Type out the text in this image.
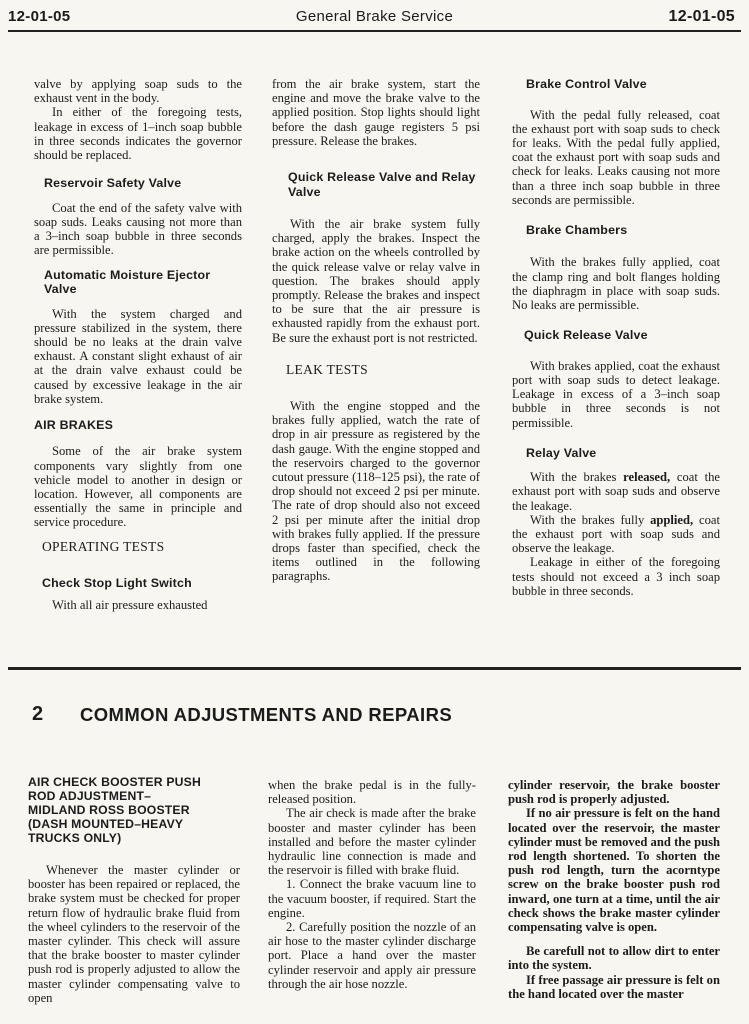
12-01-05	General Brake Service	12-01-05

valve by applying soap suds to the exhaust vent in the body.

In either of the foregoing tests, leakage in excess of 1–inch soap bubble in three seconds indicates the governor should be replaced.

Reservoir Safety Valve

Coat the end of the safety valve with soap suds. Leaks causing not more than a 3–inch soap bubble in three seconds are permissible.

Automatic Moisture Ejector Valve

With the system charged and pressure stabilized in the system, there should be no leaks at the drain valve exhaust. A constant slight exhaust of air at the drain valve exhaust could be caused by excessive leakage in the air brake system.

AIR BRAKES

Some of the air brake system components vary slightly from one vehicle model to another in design or location. However, all components are essentially the same in principle and service procedure.

OPERATING TESTS

Check Stop Light Switch

With all air pressure exhausted

from the air brake system, start the engine and move the brake valve to the applied position. Stop lights should light before the dash gauge registers 5 psi pressure. Release the brakes.

Quick Release Valve and Relay Valve

With the air brake system fully charged, apply the brakes. Inspect the brake action on the wheels controlled by the quick release valve or relay valve in question. The brakes should apply promptly. Release the brakes and inspect to be sure that the air pressure is exhausted rapidly from the exhaust port. Be sure the exhaust port is not restricted.

LEAK TESTS

With the engine stopped and the brakes fully applied, watch the rate of drop in air pressure as registered by the dash gauge. With the engine stopped and the reservoirs charged to the governor cutout pressure (118–125 psi), the rate of drop should not exceed 2 psi per minute. The rate of drop should also not exceed 2 psi per minute after the initial drop with brakes fully applied. If the pressure drops faster than specified, check the items outlined in the following paragraphs.

Brake Control Valve

With the pedal fully released, coat the exhaust port with soap suds to check for leaks. With the pedal fully applied, coat the exhaust port with soap suds and check for leaks. Leaks causing not more than a three inch soap bubble in three seconds are permissible.

Brake Chambers

With the brakes fully applied, coat the clamp ring and bolt flanges holding the diaphragm in place with soap suds. No leaks are permissible.

Quick Release Valve

With brakes applied, coat the exhaust port with soap suds to detect leakage. Leakage in excess of a 3–inch soap bubble in three seconds is not permissible.

Relay Valve

With the brakes released, coat the exhaust port with soap suds and observe the leakage.

With the brakes fully applied, coat the exhaust port with soap suds and observe the leakage.

Leakage in either of the foregoing tests should not exceed a 3 inch soap bubble in three seconds.

2 COMMON ADJUSTMENTS AND REPAIRS

AIR CHECK BOOSTER PUSH ROD ADJUSTMENT– MIDLAND ROSS BOOSTER (DASH MOUNTED–HEAVY TRUCKS ONLY)

Whenever the master cylinder or booster has been repaired or replaced, the brake system must be checked for proper return flow of hydraulic brake fluid from the wheel cylinders to the reservoir of the master cylinder. This check will assure that the brake booster to master cylinder push rod is properly adjusted to allow the master cylinder compensating valve to open

when the brake pedal is in the fully-released position.

The air check is made after the brake booster and master cylinder has been installed and before the master cylinder hydraulic line connection is made and the reservoir is filled with brake fluid.

1. Connect the brake vacuum line to the vacuum booster, if required. Start the engine.

2. Carefully position the nozzle of an air hose to the master cylinder discharge port. Place a hand over the master cylinder reservoir and apply air pressure through the air hose nozzle.

cylinder reservoir, the brake booster push rod is properly adjusted.

If no air pressure is felt on the hand located over the reservoir, the master cylinder must be removed and the push rod length shortened. To shorten the push rod length, turn the acorntype screw on the brake booster push rod inward, one turn at a time, until the air check shows the brake master cylinder compensating valve is open.

Be carefull not to allow dirt to enter into the system.

If free passage air pressure is felt on the hand located over the master
